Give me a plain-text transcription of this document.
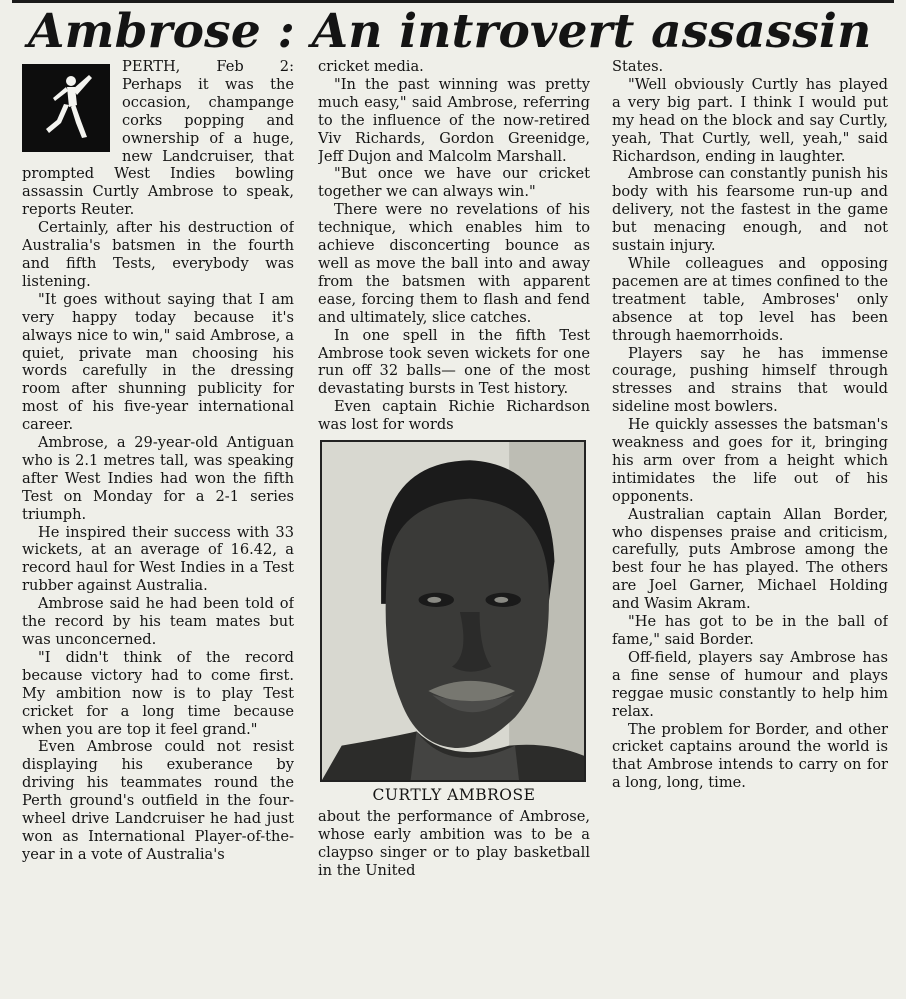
Ambrose : An introvert assassin

PERTH, Feb 2: Perhaps it was the occasion, champange corks popping and ownership of a huge, new Landcruiser, that prompted West Indies bowling assassin Curtly Ambrose to speak, reports Reuter.

Certainly, after his destruction of Australia's batsmen in the fourth and fifth Tests, everybody was listening.

"It goes without saying that I am very happy today because it's always nice to win," said Ambrose, a quiet, private man choosing his words carefully in the dressing room after shunning publicity for most of his five-year international career.

Ambrose, a 29-year-old Antiguan who is 2.1 metres tall, was speaking after West Indies had won the fifth Test on Monday for a 2-1 series triumph.

He inspired their success with 33 wickets, at an average of 16.42, a record haul for West Indies in a Test rubber against Australia.

Ambrose said he had been told of the record by his team mates but was unconcerned.

"I didn't think of the record because victory had to come first. My ambition now is to play Test cricket for a long time because when you are top it feel grand."

Even Ambrose could not resist displaying his exuberance by driving his teammates round the Perth ground's outfield in the four-wheel drive Landcruiser he had just won as International Player-of-the-year in a vote of Australia's

cricket media.

"In the past winning was pretty much easy," said Ambrose, referring to the influence of the now-retired Viv Richards, Gordon Greenidge, Jeff Dujon and Malcolm Marshall.

"But once we have our cricket together we can always win."

There were no revelations of his technique, which enables him to achieve disconcerting bounce as well as move the ball into and away from the batsmen with apparent ease, forcing them to flash and fend and ultimately, slice catches.

In one spell in the fifth Test Ambrose took seven wickets for one run off 32 balls— one of the most devastating bursts in Test history.

Even captain Richie Richardson was lost for words

CURTLY AMBROSE

about the performance of Ambrose, whose early ambition was to be a claypso singer or to play basketball in the United

States.

"Well obviously Curtly has played a very big part. I think I would put my head on the block and say Curtly, yeah, That Curtly, well, yeah," said Richardson, ending in laughter.

Ambrose can constantly punish his body with his fearsome run-up and delivery, not the fastest in the game but menacing enough, and not sustain injury.

While colleagues and opposing pacemen are at times confined to the treatment table, Ambroses' only absence at top level has been through haemorrhoids.

Players say he has immense courage, pushing himself through stresses and strains that would sideline most bowlers.

He quickly assesses the batsman's weakness and goes for it, bringing his arm over from a height which intimidates the life out of his opponents.

Australian captain Allan Border, who dispenses praise and criticism, carefully, puts Ambrose among the best four he has played. The others are Joel Garner, Michael Holding and Wasim Akram.

"He has got to be in the ball of fame," said Border.

Off-field, players say Ambrose has a fine sense of humour and plays reggae music constantly to help him relax.

The problem for Border, and other cricket captains around the world is that Ambrose intends to carry on for a long, long, time.
